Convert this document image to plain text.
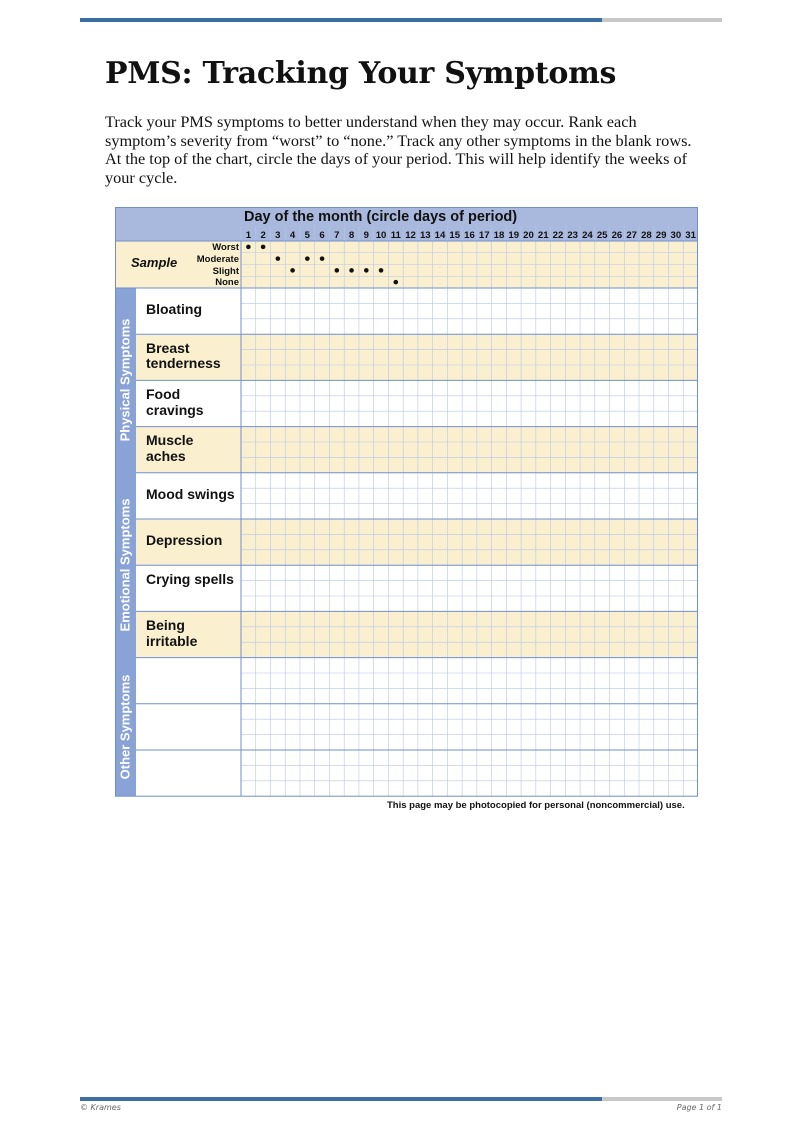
PMS: Tracking Your Symptoms

Track your PMS symptoms to better understand when they may occur. Rank each symptom’s severity from “worst” to “none.” Track any other symptoms in the blank rows. At the top of the chart, circle the days of your period. This will help identify the weeks of your cycle.

Day of the month (circle days of period)
Sample
Worst
Moderate
Slight
None
Physical Symptoms
Emotional Symptoms
Other Symptoms
Bloating
Breast tenderness
Food cravings
Muscle aches
Mood swings
Depression
Crying spells
Being irritable
1 2 3 4 5 6 7 8 9 10 11 12 13 14 15 16 17 18 19 20 21 22 23 24 25 26 27 28 29 30 31
This page may be photocopied for personal (noncommercial) use.
© Krames	Page 1 of 1
